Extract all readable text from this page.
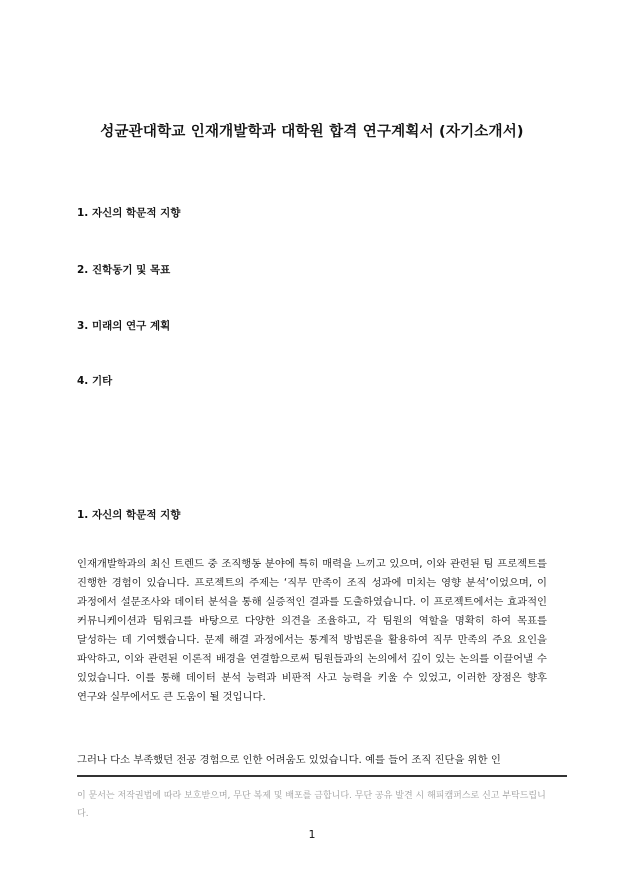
성균관대학교 인재개발학과 대학원 합격 연구계획서 (자기소개서)
1. 자신의 학문적 지향
2. 진학동기 및 목표
3. 미래의 연구 계획
4. 기타
1. 자신의 학문적 지향
인재개발학과의 최신 트렌드 중 조직행동 분야에 특히 매력을 느끼고 있으며, 이와 관련된 팀 프로젝트를 진행한 경험이 있습니다. 프로젝트의 주제는 ‘직무 만족이 조직 성과에 미치는 영향 분석’이었으며, 이 과정에서 설문조사와 데이터 분석을 통해 실증적인 결과를 도출하였습니다. 이 프로젝트에서는 효과적인 커뮤니케이션과 팀워크를 바탕으로 다양한 의견을 조율하고, 각 팀원의 역할을 명확히 하여 목표를 달성하는 데 기여했습니다. 문제 해결 과정에서는 통계적 방법론을 활용하여 직무 만족의 주요 요인을 파악하고, 이와 관련된 이론적 배경을 연결함으로써 팀원들과의 논의에서 깊이 있는 논의를 이끌어낼 수 있었습니다. 이를 통해 데이터 분석 능력과 비판적 사고 능력을 키울 수 있었고, 이러한 장점은 향후 연구와 실무에서도 큰 도움이 될 것입니다.
그러나 다소 부족했던 전공 경험으로 인한 어려움도 있었습니다. 예를 들어 조직 진단을 위한 인
이 문서는 저작권법에 따라 보호받으며, 무단 복제 및 배포를 금합니다. 무단 공유 발견 시 해피캠퍼스로 신고 부탁드립니다.
1
